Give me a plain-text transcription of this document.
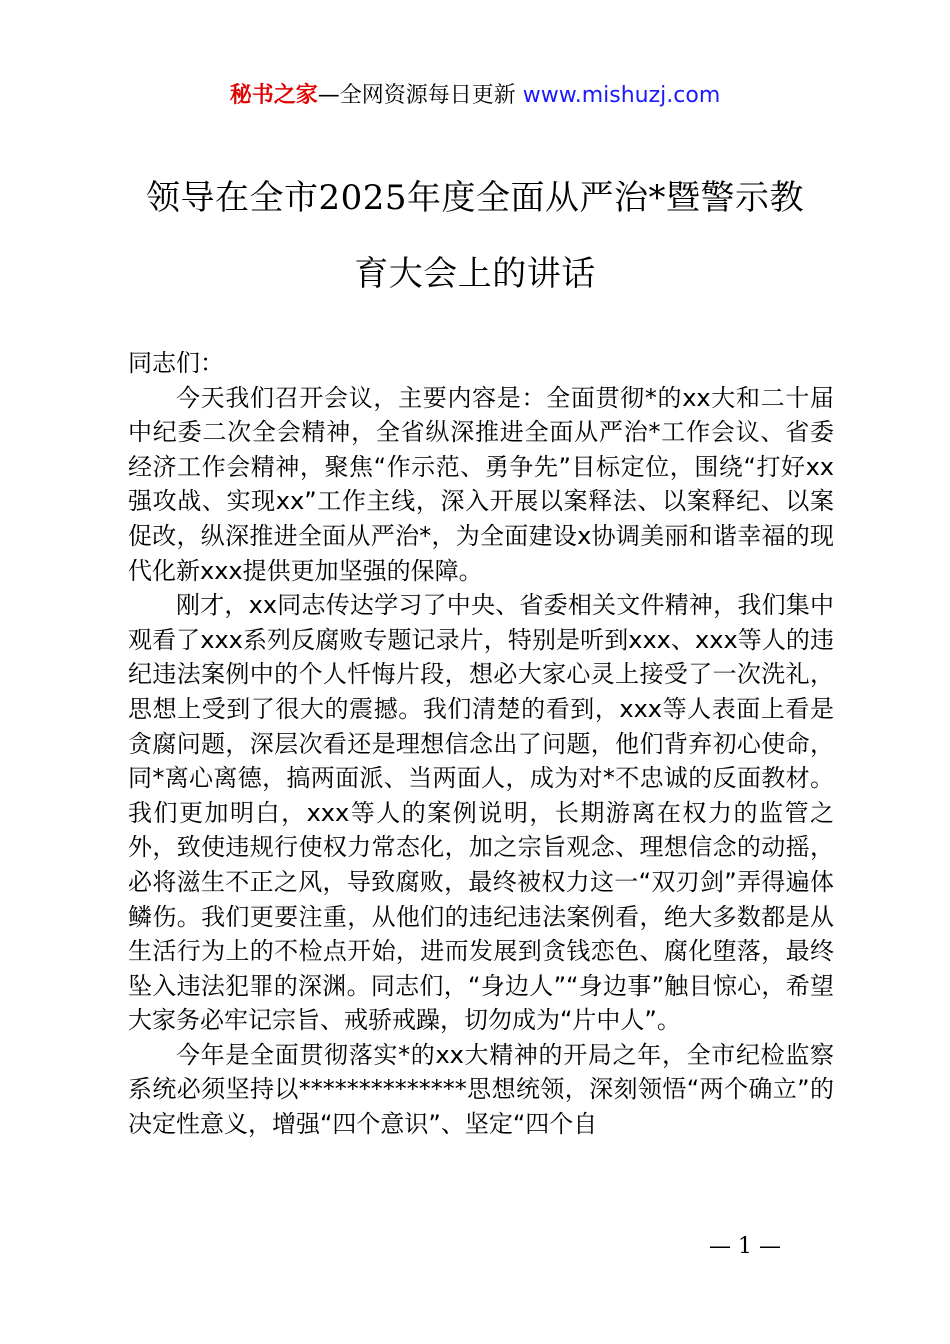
秘书之家—全网资源每日更新 www.mishuzj.com
领导在全市2025年度全面从严治*暨警示教
育大会上的讲话

同志们：

今天我们召开会议，主要内容是：全面贯彻*的xx大和二十届中纪委二次全会精神，全省纵深推进全面从严治*工作会议、省委经济工作会精神，聚焦“作示范、勇争先”目标定位，围绕“打好xx强攻战、实现xx”工作主线，深入开展以案释法、以案释纪、以案促改，纵深推进全面从严治*，为全面建设x协调美丽和谐幸福的现代化新xxx提供更加坚强的保障。

刚才，xx同志传达学习了中央、省委相关文件精神，我们集中观看了xxx系列反腐败专题记录片，特别是听到xxx、xxx等人的违纪违法案例中的个人忏悔片段，想必大家心灵上接受了一次洗礼，思想上受到了很大的震撼。我们清楚的看到，xxx等人表面上看是贪腐问题，深层次看还是理想信念出了问题，他们背弃初心使命，同*离心离德，搞两面派、当两面人，成为对*不忠诚的反面教材。我们更加明白，xxx等人的案例说明，长期游离在权力的监管之外，致使违规行使权力常态化，加之宗旨观念、理想信念的动摇，必将滋生不正之风，导致腐败，最终被权力这一“双刃剑”弄得遍体鳞伤。我们更要注重，从他们的违纪违法案例看，绝大多数都是从生活行为上的不检点开始，进而发展到贪钱恋色、腐化堕落，最终坠入违法犯罪的深渊。同志们，“身边人”“身边事”触目惊心，希望大家务必牢记宗旨、戒骄戒躁，切勿成为“片中人”。

今年是全面贯彻落实*的xx大精神的开局之年，全市纪检监察系统必须坚持以**************思想统领，深刻领悟“两个确立”的决定性意义，增强“四个意识”、坚定“四个自

— 1 —
